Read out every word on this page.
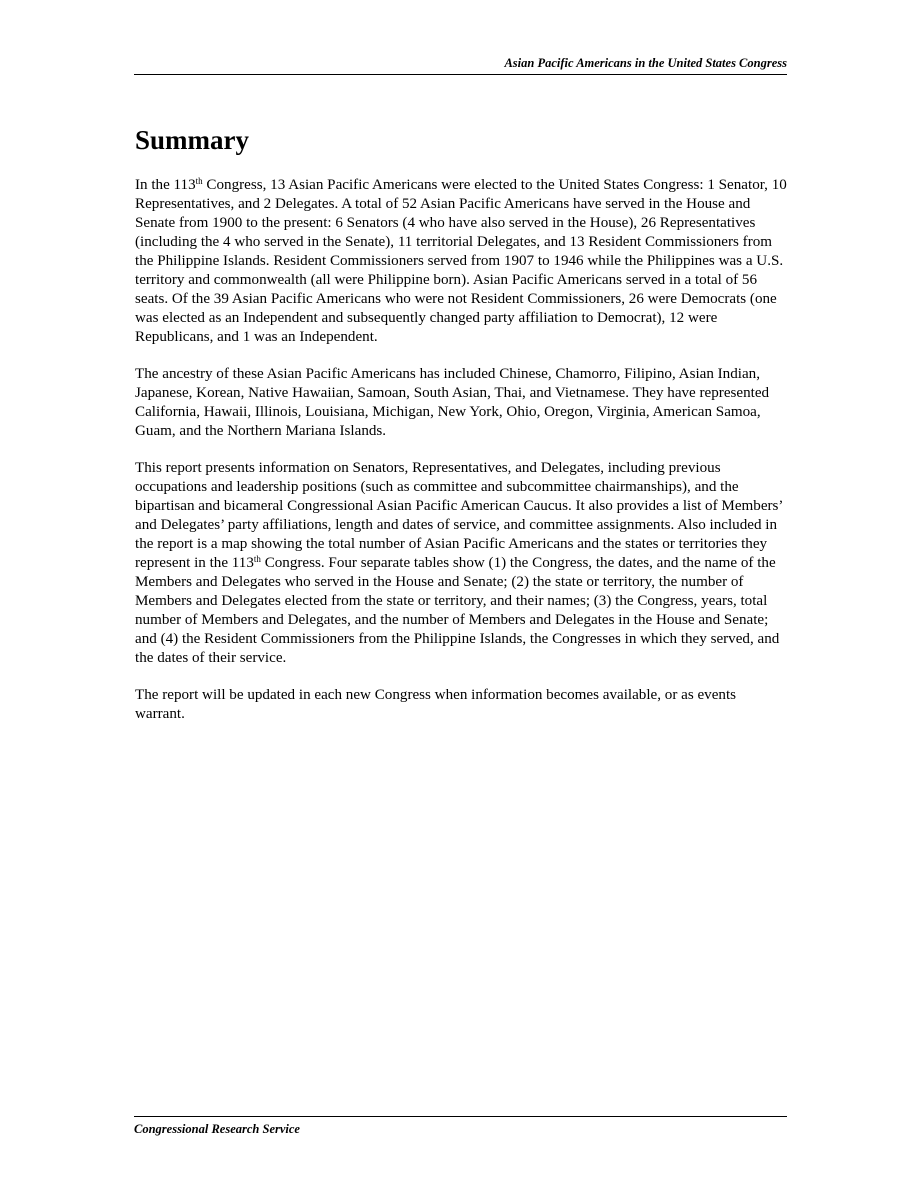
Asian Pacific Americans in the United States Congress
Summary

In the 113th Congress, 13 Asian Pacific Americans were elected to the United States Congress: 1 Senator, 10 Representatives, and 2 Delegates. A total of 52 Asian Pacific Americans have served in the House and Senate from 1900 to the present: 6 Senators (4 who have also served in the House), 26 Representatives (including the 4 who served in the Senate), 11 territorial Delegates, and 13 Resident Commissioners from the Philippine Islands. Resident Commissioners served from 1907 to 1946 while the Philippines was a U.S. territory and commonwealth (all were Philippine born). Asian Pacific Americans served in a total of 56 seats. Of the 39 Asian Pacific Americans who were not Resident Commissioners, 26 were Democrats (one was elected as an Independent and subsequently changed party affiliation to Democrat), 12 were Republicans, and 1 was an Independent.

The ancestry of these Asian Pacific Americans has included Chinese, Chamorro, Filipino, Asian Indian, Japanese, Korean, Native Hawaiian, Samoan, South Asian, Thai, and Vietnamese. They have represented California, Hawaii, Illinois, Louisiana, Michigan, New York, Ohio, Oregon, Virginia, American Samoa, Guam, and the Northern Mariana Islands.

This report presents information on Senators, Representatives, and Delegates, including previous occupations and leadership positions (such as committee and subcommittee chairmanships), and the bipartisan and bicameral Congressional Asian Pacific American Caucus. It also provides a list of Members’ and Delegates’ party affiliations, length and dates of service, and committee assignments. Also included in the report is a map showing the total number of Asian Pacific Americans and the states or territories they represent in the 113th Congress. Four separate tables show (1) the Congress, the dates, and the name of the Members and Delegates who served in the House and Senate; (2) the state or territory, the number of Members and Delegates elected from the state or territory, and their names; (3) the Congress, years, total number of Members and Delegates, and the number of Members and Delegates in the House and Senate; and (4) the Resident Commissioners from the Philippine Islands, the Congresses in which they served, and the dates of their service.

The report will be updated in each new Congress when information becomes available, or as events warrant.

Congressional Research Service
